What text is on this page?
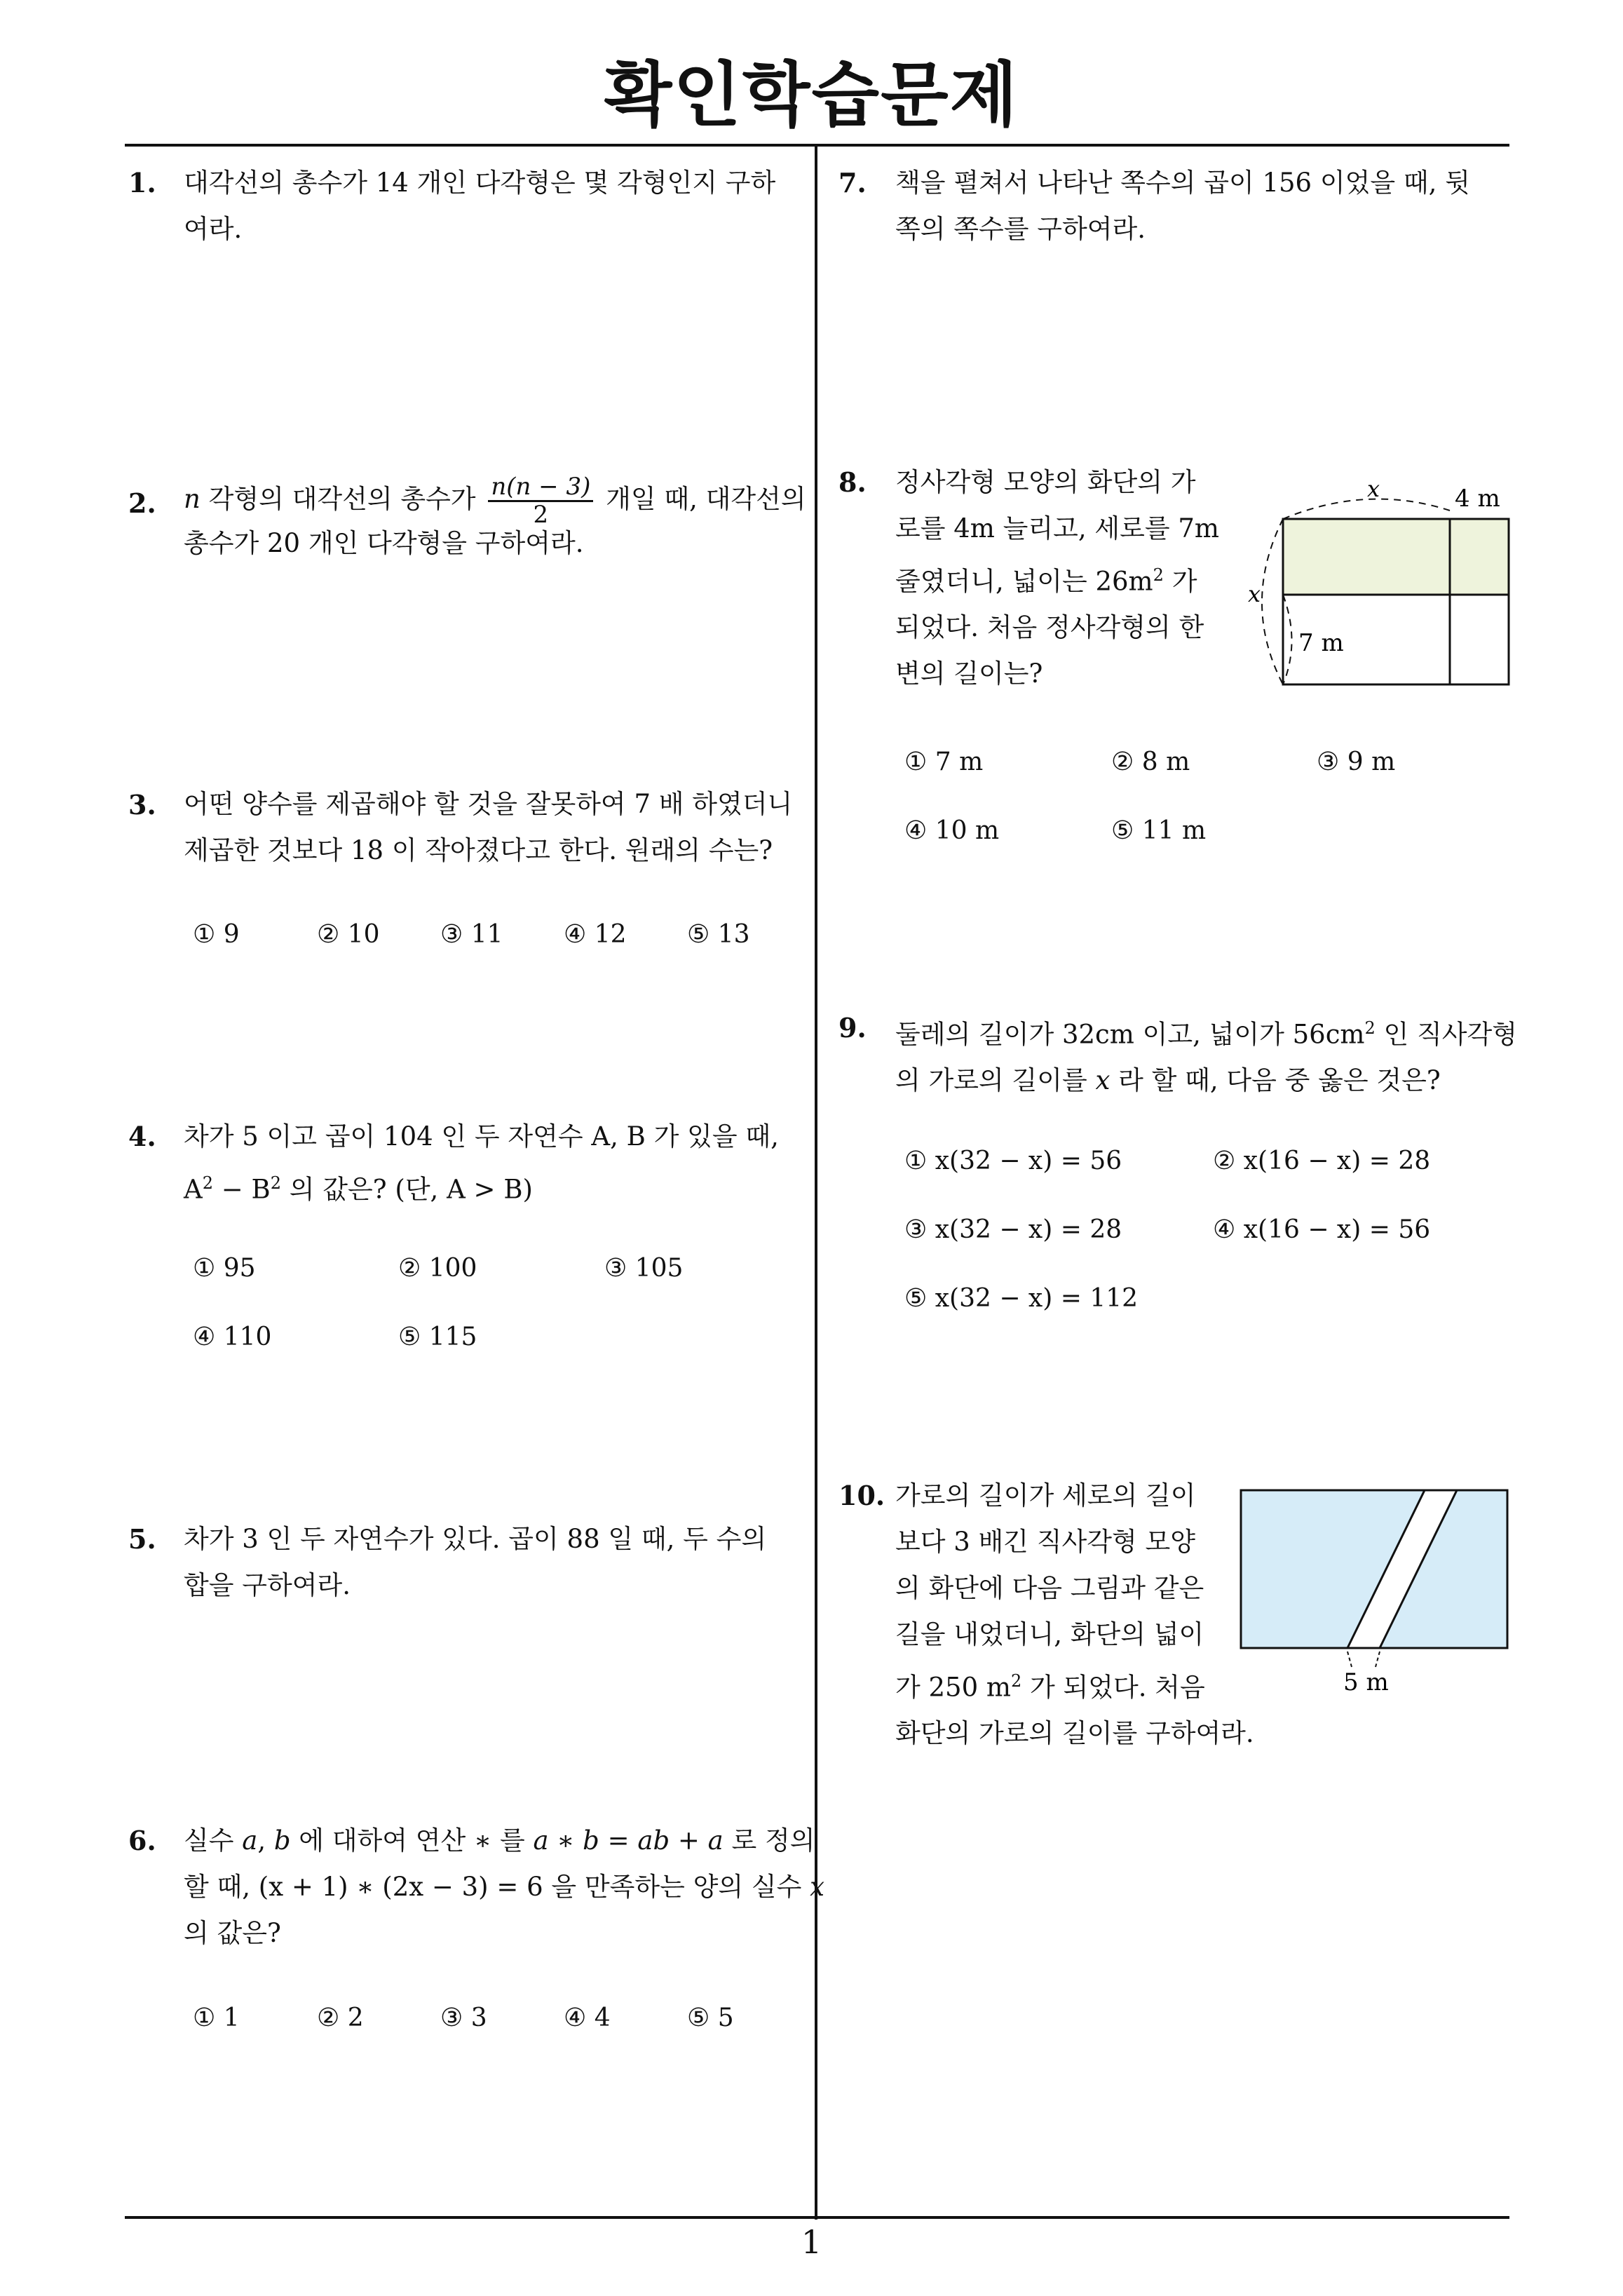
확인학습문제
1. 대각선의 총수가 14 개인 다각형은 몇 각형인지 구하

여라.

2. n 각형의 대각선의 총수가 $\frac{n(n - 3)}{2}$ 개일 때, 대각선의

총수가 20 개인 다각형을 구하여라.

3. 어떤 양수를 제곱해야 할 것을 잘못하여 7 배 하였더니

제곱한 것보다 18 이 작아졌다고 한다. 원래의 수는?

① 9	② 10 ③ 11 ④ 12 ⑤ 13
4. 차가 5 이고 곱이 104 인 두 자연수 A, B 가 있을 때,

$A^2 - B^2$ 의 값은? (단, A > B)

① 95	② 100	③ 105
④ 110	⑤ 115
5. 차가 3 인 두 자연수가 있다. 곱이 88 일 때, 두 수의

합을 구하여라.

6. 실수 a, b 에 대하여 연산 ∗ 를 a ∗ b = ab + a 로 정의

할 때, (x + 1) ∗ (2x − 3) = 6 을 만족하는 양의 실수 x

의 값은?

① 1	② 2	③ 3	④ 4	⑤ 5
7. 책을 펼쳐서 나타난 쪽수의 곱이 156 이었을 때, 뒷

쪽의 쪽수를 구하여라.

8. 정사각형 모양의 화단의 가

로를 4m 늘리고, 세로를 7m

줄였더니, 넓이는 $26m^2$ 가

되었다. 처음 정사각형의 한

변의 길이는?

x	4 m
x
7 m
① 7 m	② 8 m	③ 9 m
④ 10 m	⑤ 11 m
9. 둘레의 길이가 32cm 이고, 넓이가 $56cm^2$ 인 직사각형

의 가로의 길이를 x 라 할 때, 다음 중 옳은 것은?

① x(32 − x) = 56	② x(16 − x) = 28
③ x(32 − x) = 28	④ x(16 − x) = 56
⑤ x(32 − x) = 112
10. 가로의 길이가 세로의 길이

보다 3 배긴 직사각형 모양

의 화단에 다음 그림과 같은

길을 내었더니, 화단의 넓이

가 250 $m^2$ 가 되었다. 처음

화단의 가로의 길이를 구하여라.

5 m
1
